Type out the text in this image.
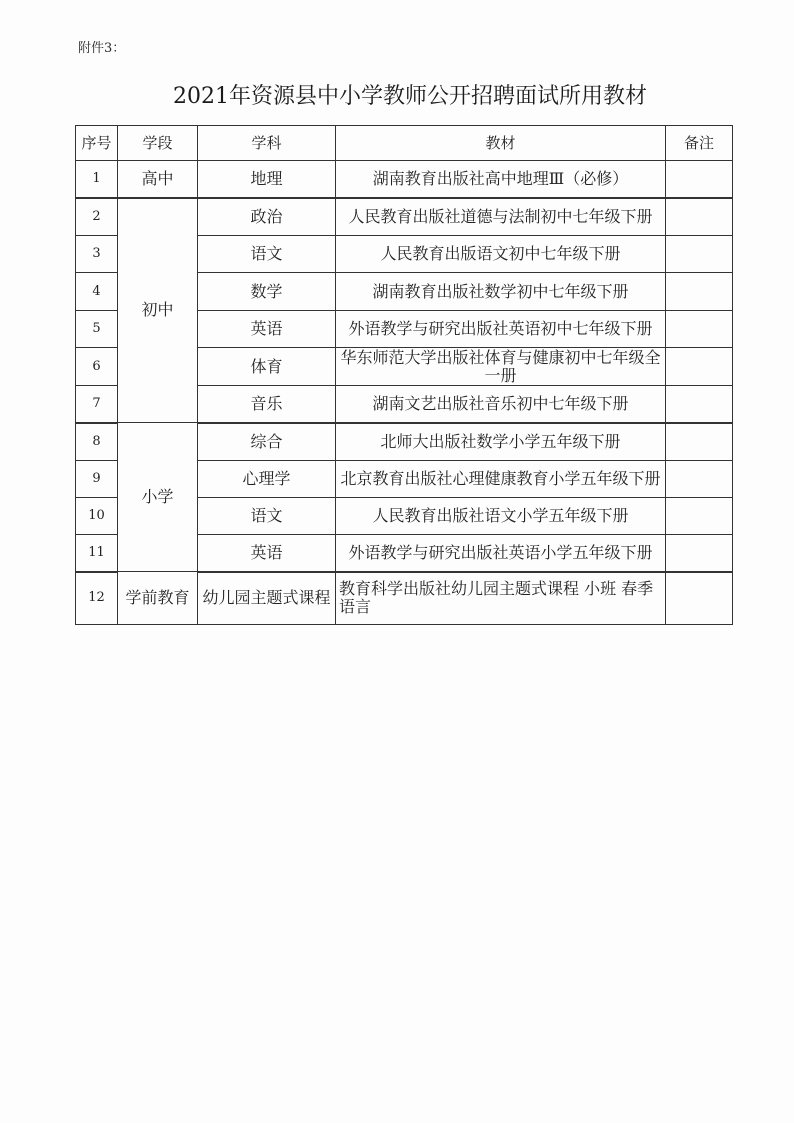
附件3：
2021年资源县中小学教师公开招聘面试所用教材
序号	学段	学科	教材	备注
1	高中	地理	湖南教育出版社高中地理Ⅲ（必修）	
2	初中	政治	人民教育出版社道德与法制初中七年级下册	
3		语文	人民教育出版语文初中七年级下册	
4		数学	湖南教育出版社数学初中七年级下册	
5		英语	外语教学与研究出版社英语初中七年级下册	
6		体育	华东师范大学出版社体育与健康初中七年级全一册	
7		音乐	湖南文艺出版社音乐初中七年级下册	
8	小学	综合	北师大出版社数学小学五年级下册	
9		心理学	北京教育出版社心理健康教育小学五年级下册	
10		语文	人民教育出版社语文小学五年级下册	
11		英语	外语教学与研究出版社英语小学五年级下册	
12	学前教育	幼儿园主题式课程	教育科学出版社幼儿园主题式课程 小班 春季语言	
